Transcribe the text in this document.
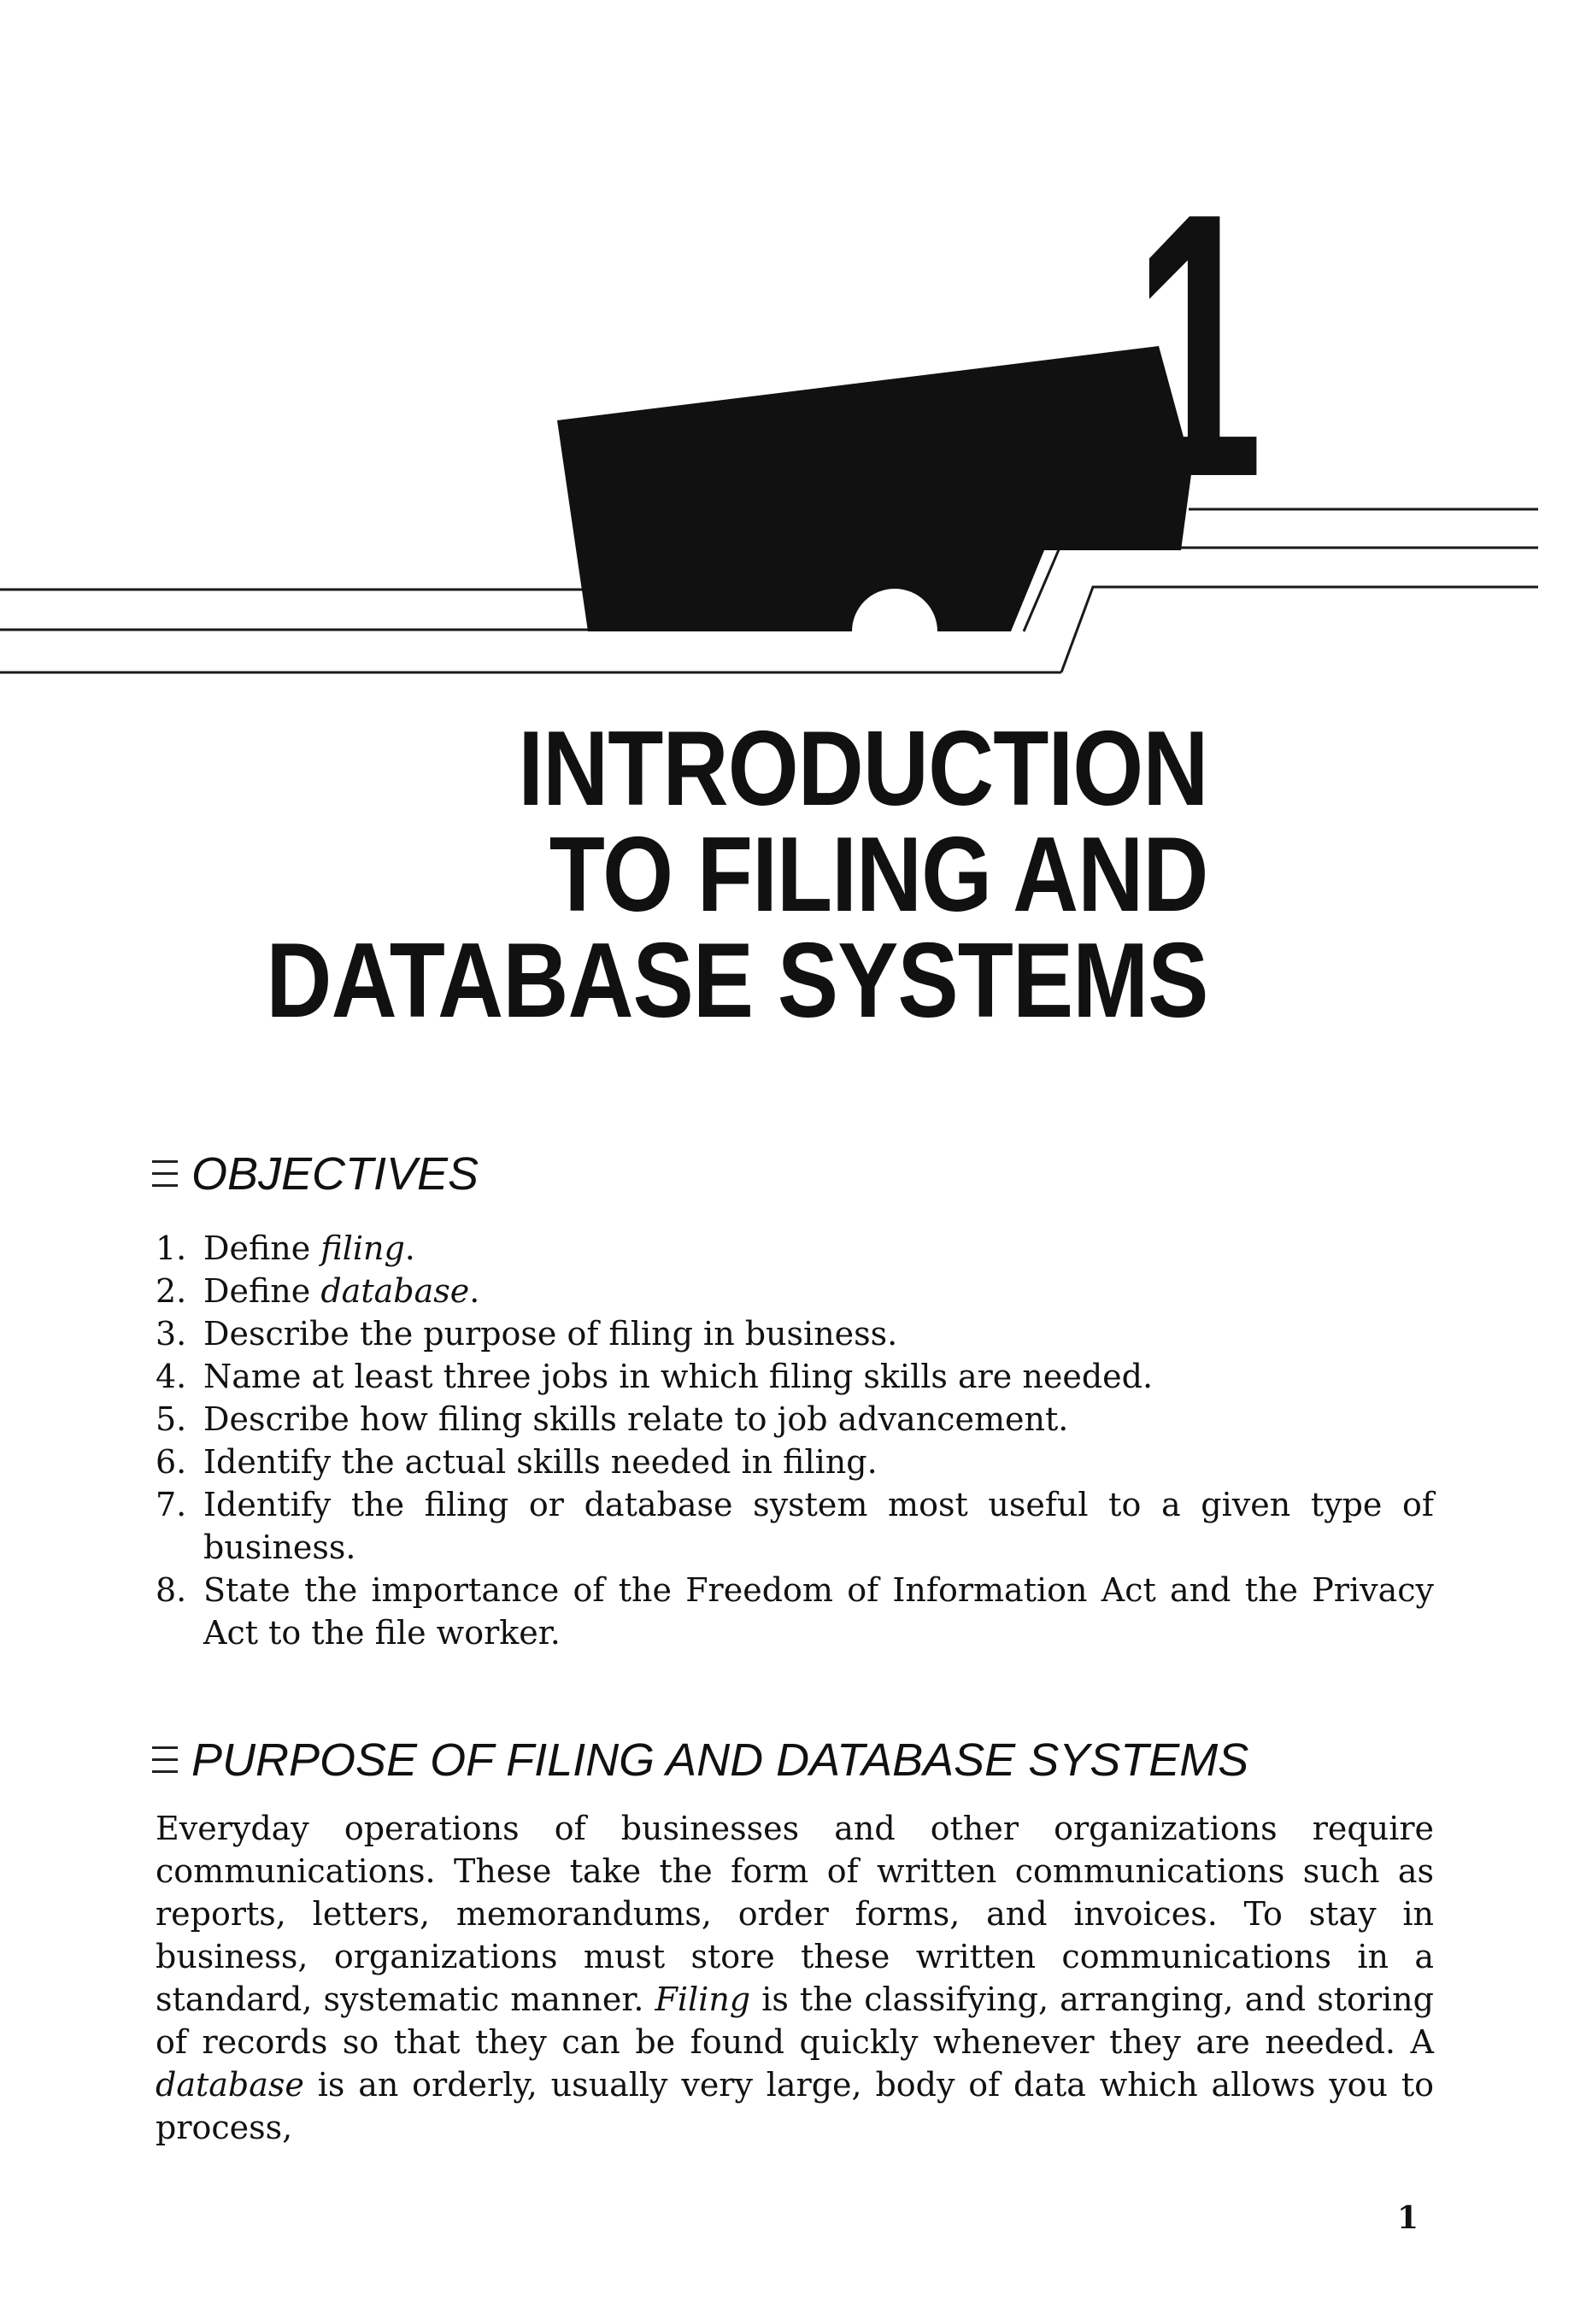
1
INTRODUCTION
TO FILING AND
DATABASE SYSTEMS
OBJECTIVES
1. Define filing.
2. Define database.
3. Describe the purpose of filing in business.
4. Name at least three jobs in which filing skills are needed.
5. Describe how filing skills relate to job advancement.
6. Identify the actual skills needed in filing.
7. Identify the filing or database system most useful to a given type of business.
8. State the importance of the Freedom of Information Act and the Privacy Act to the file worker.
PURPOSE OF FILING AND DATABASE SYSTEMS

Everyday operations of businesses and other organizations require communications. These take the form of written communications such as reports, letters, memorandums, order forms, and invoices. To stay in business, organizations must store these written communications in a standard, systematic manner. Filing is the classifying, arranging, and storing of records so that they can be found quickly whenever they are needed. A database is an orderly, usually very large, body of data which allows you to process,

1
